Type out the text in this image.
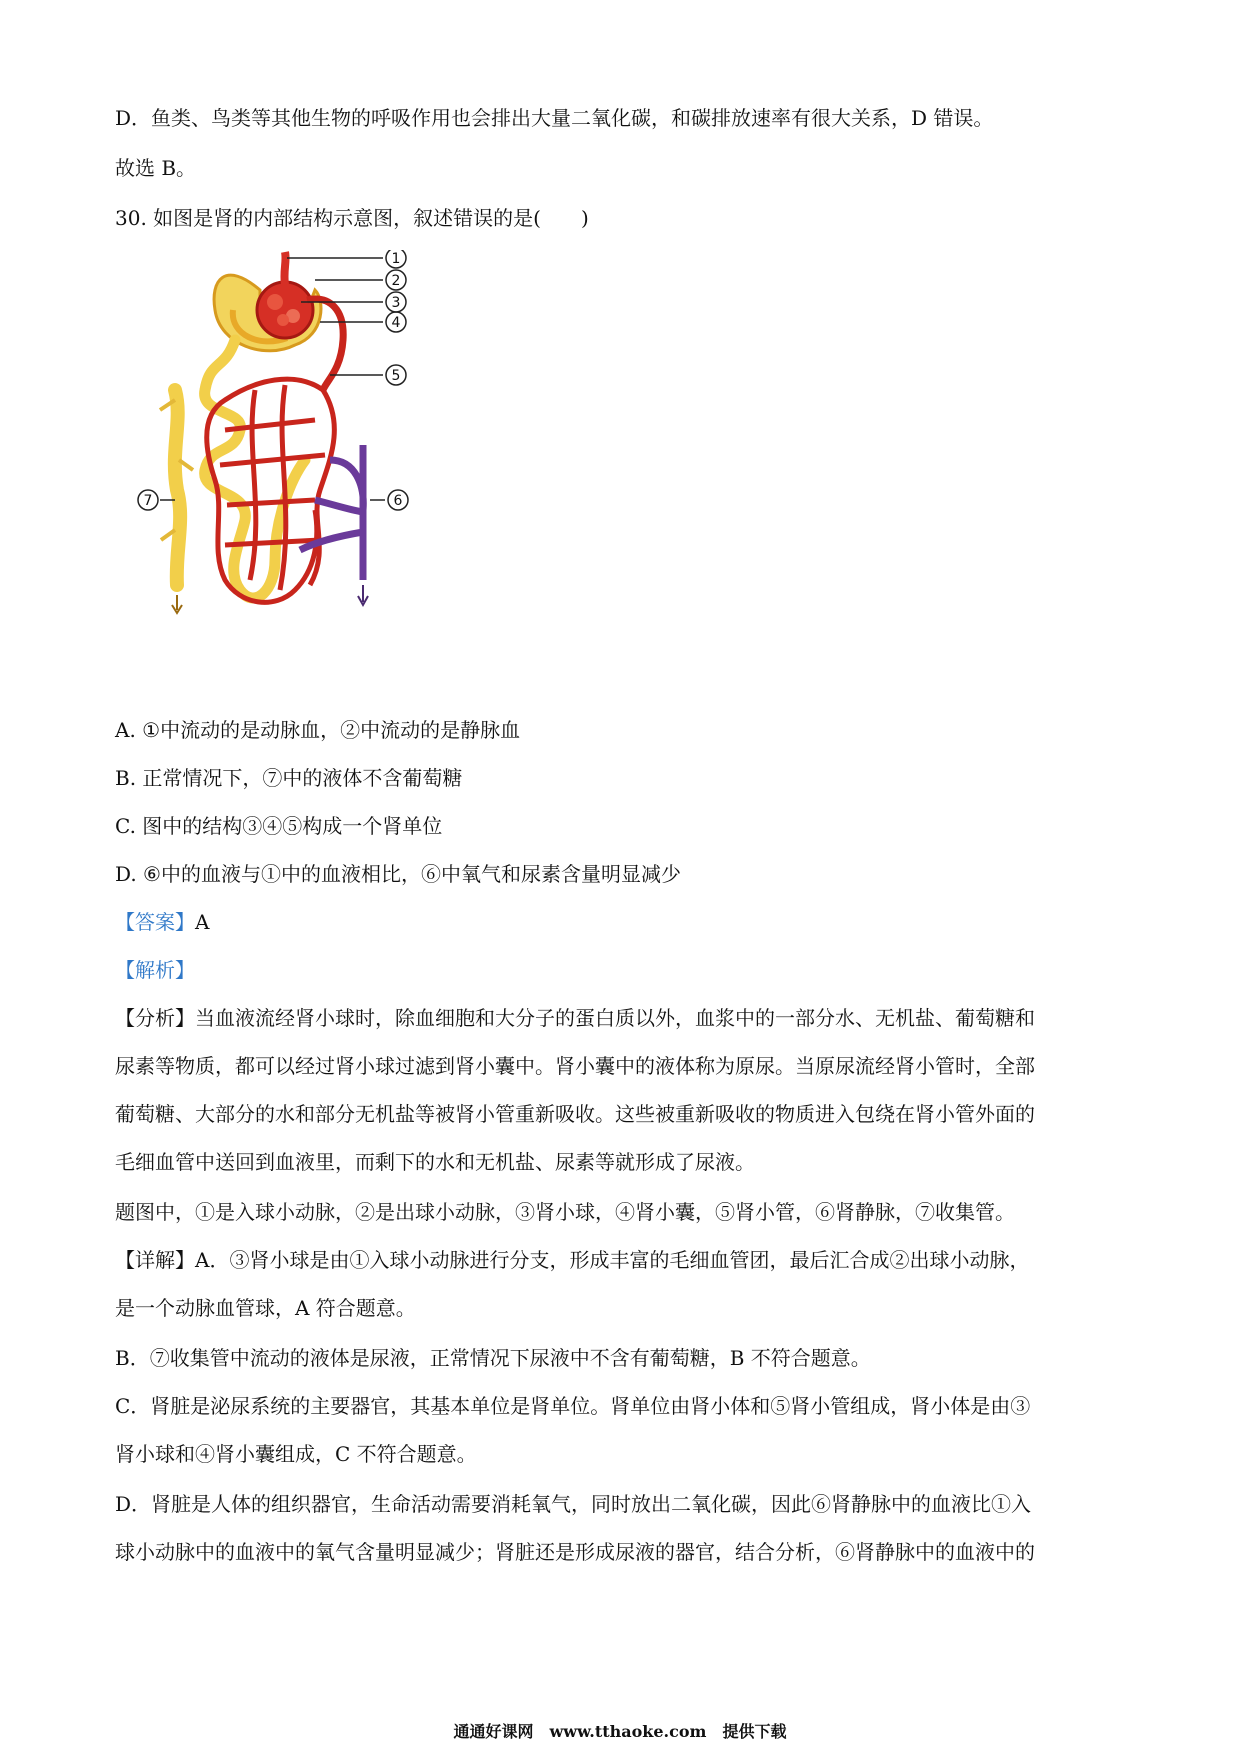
D．鱼类、鸟类等其他生物的呼吸作用也会排出大量二氧化碳，和碳排放速率有很大关系，D 错误。
故选 B。
30. 如图是肾的内部结构示意图，叙述错误的是(　　)
1
2
3
4
5
6
7
A. ①中流动的是动脉血，②中流动的是静脉血
B. 正常情况下，⑦中的液体不含葡萄糖
C. 图中的结构③④⑤构成一个肾单位
D. ⑥中的血液与①中的血液相比，⑥中氧气和尿素含量明显减少
【答案】A
【解析】
【分析】当血液流经肾小球时，除血细胞和大分子的蛋白质以外，血浆中的一部分水、无机盐、葡萄糖和
尿素等物质，都可以经过肾小球过滤到肾小囊中。肾小囊中的液体称为原尿。当原尿流经肾小管时，全部
葡萄糖、大部分的水和部分无机盐等被肾小管重新吸收。这些被重新吸收的物质进入包绕在肾小管外面的
毛细血管中送回到血液里，而剩下的水和无机盐、尿素等就形成了尿液。
题图中，①是入球小动脉，②是出球小动脉，③肾小球，④肾小囊，⑤肾小管，⑥肾静脉，⑦收集管。
【详解】A．③肾小球是由①入球小动脉进行分支，形成丰富的毛细血管团，最后汇合成②出球小动脉，
是一个动脉血管球，A 符合题意。
B．⑦收集管中流动的液体是尿液，正常情况下尿液中不含有葡萄糖，B 不符合题意。
C．肾脏是泌尿系统的主要器官，其基本单位是肾单位。肾单位由肾小体和⑤肾小管组成，肾小体是由③
肾小球和④肾小囊组成，C 不符合题意。
D．肾脏是人体的组织器官，生命活动需要消耗氧气，同时放出二氧化碳，因此⑥肾静脉中的血液比①入
球小动脉中的血液中的氧气含量明显减少；肾脏还是形成尿液的器官，结合分析，⑥肾静脉中的血液中的
通通好课网　www.tthaoke.com　提供下载
